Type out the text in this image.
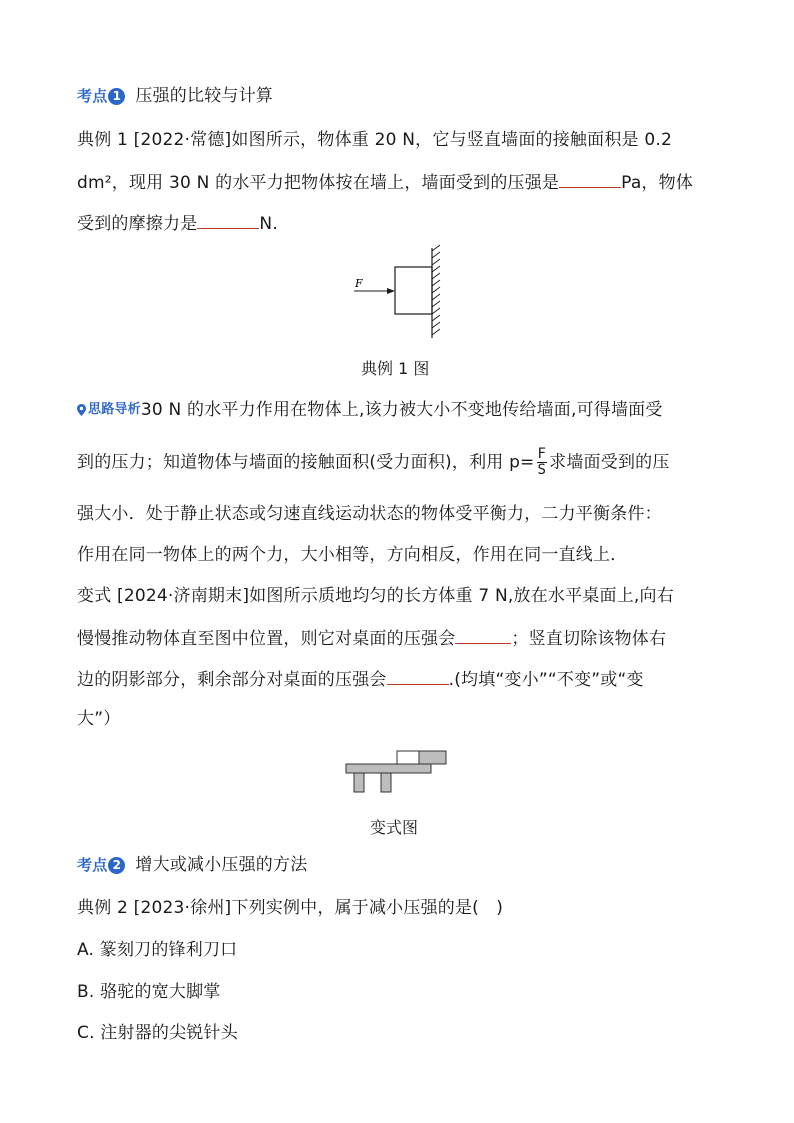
考点 1 压强的比较与计算
典例 1 [2022·常德]如图所示，物体重 20 N，它与竖直墙面的接触面积是 0.2
dm²，现用 30 N 的水平力把物体按在墙上，墙面受到的压强是	Pa，物体
受到的摩擦力是	N.
F
典例 1 图
思路导析30 N 的水平力作用在物体上,该力被大小不变地传给墙面,可得墙面受
到的压力；知道物体与墙面的接触面积(受力面积)，利用 $p= \frac{F}{S}$ 求墙面受到的压
强大小．处于静止状态或匀速直线运动状态的物体受平衡力，二力平衡条件：
作用在同一物体上的两个力，大小相等，方向相反，作用在同一直线上．
变式 [2024·济南期末]如图所示质地均匀的长方体重 7 N,放在水平桌面上,向右
慢慢推动物体直至图中位置，则它对桌面的压强会	；竖直切除该物体右
边的阴影部分，剩余部分对桌面的压强会	.(均填“变小”“不变”或“变
大”）
变式图
考点 2 增大或减小压强的方法
典例 2 [2023·徐州]下列实例中，属于减小压强的是(　)
A. 篆刻刀的锋利刀口
B. 骆驼的宽大脚掌
C. 注射器的尖锐针头
